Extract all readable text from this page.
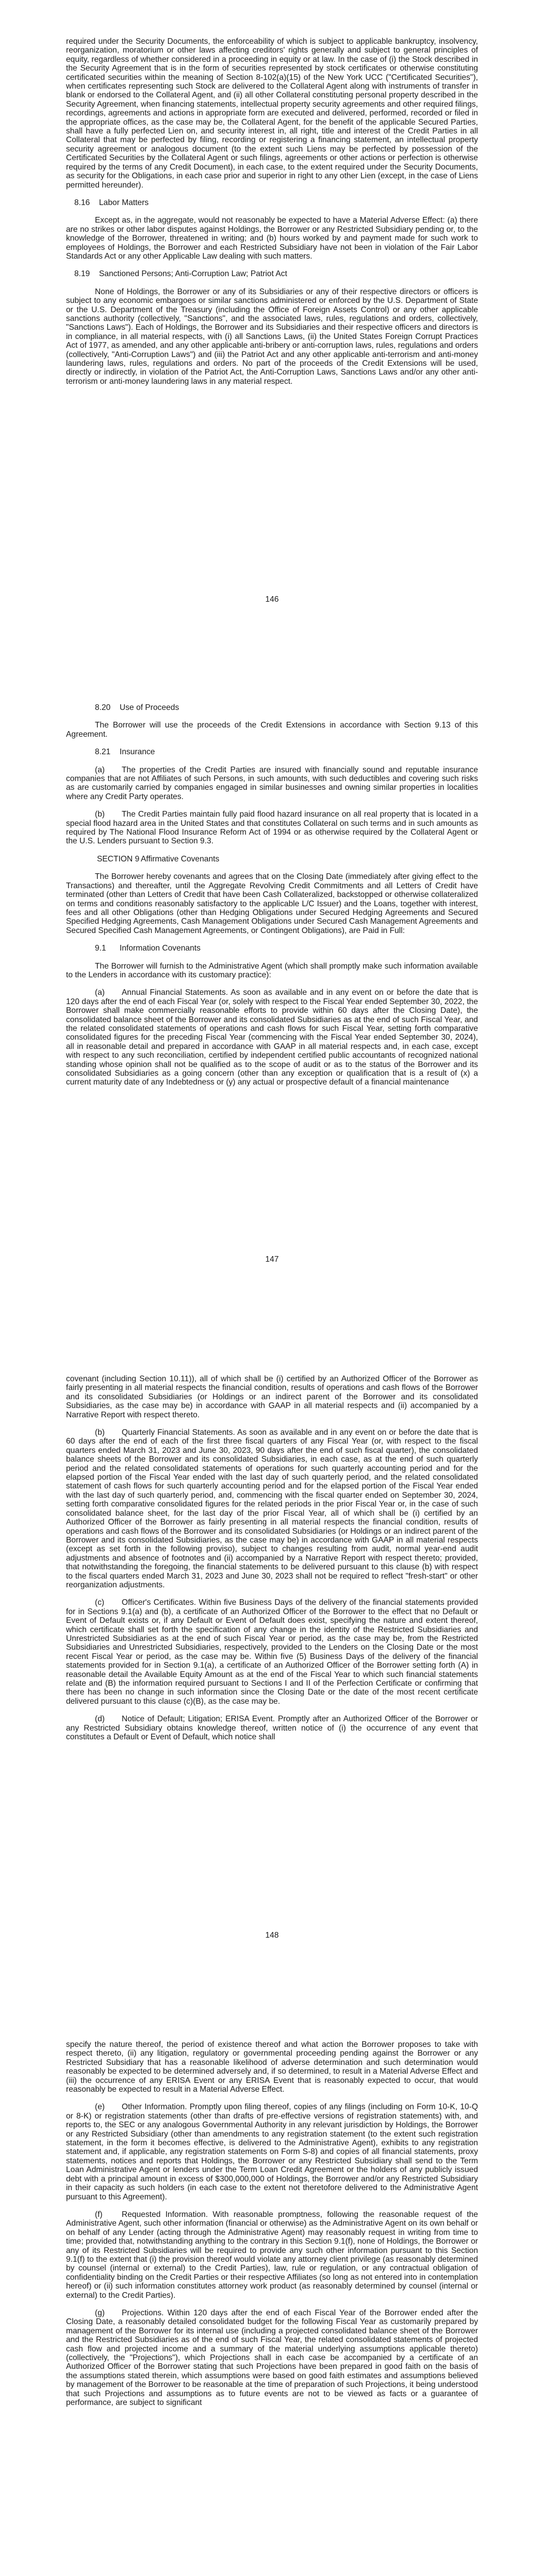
required under the Security Documents, the enforceability of which is subject to applicable bankruptcy, insolvency, reorganization, moratorium or other laws affecting creditors' rights generally and subject to general principles of equity, regardless of whether considered in a proceeding in equity or at law. In the case of (i) the Stock described in the Security Agreement that is in the form of securities represented by stock certificates or otherwise constituting certificated securities within the meaning of Section 8-102(a)(15) of the New York UCC ("Certificated Securities"), when certificates representing such Stock are delivered to the Collateral Agent along with instruments of transfer in blank or endorsed to the Collateral Agent, and (ii) all other Collateral constituting personal property described in the Security Agreement, when financing statements, intellectual property security agreements and other required filings, recordings, agreements and actions in appropriate form are executed and delivered, performed, recorded or filed in the appropriate offices, as the case may be, the Collateral Agent, for the benefit of the applicable Secured Parties, shall have a fully perfected Lien on, and security interest in, all right, title and interest of the Credit Parties in all Collateral that may be perfected by filing, recording or registering a financing statement, an intellectual property security agreement or analogous document (to the extent such Liens may be perfected by possession of the Certificated Securities by the Collateral Agent or such filings, agreements or other actions or perfection is otherwise required by the terms of any Credit Document), in each case, to the extent required under the Security Documents, as security for the Obligations, in each case prior and superior in right to any other Lien (except, in the case of Liens permitted hereunder).

8.16 Labor Matters

Except as, in the aggregate, would not reasonably be expected to have a Material Adverse Effect: (a) there are no strikes or other labor disputes against Holdings, the Borrower or any Restricted Subsidiary pending or, to the knowledge of the Borrower, threatened in writing; and (b) hours worked by and payment made for such work to employees of Holdings, the Borrower and each Restricted Subsidiary have not been in violation of the Fair Labor Standards Act or any other Applicable Law dealing with such matters.

8.19 Sanctioned Persons; Anti-Corruption Law; Patriot Act

None of Holdings, the Borrower or any of its Subsidiaries or any of their respective directors or officers is subject to any economic embargoes or similar sanctions administered or enforced by the U.S. Department of State or the U.S. Department of the Treasury (including the Office of Foreign Assets Control) or any other applicable sanctions authority (collectively, "Sanctions", and the associated laws, rules, regulations and orders, collectively, "Sanctions Laws"). Each of Holdings, the Borrower and its Subsidiaries and their respective officers and directors is in compliance, in all material respects, with (i) all Sanctions Laws, (ii) the United States Foreign Corrupt Practices Act of 1977, as amended, and any other applicable anti-bribery or anti-corruption laws, rules, regulations and orders (collectively, "Anti-Corruption Laws") and (iii) the Patriot Act and any other applicable anti-terrorism and anti-money laundering laws, rules, regulations and orders. No part of the proceeds of the Credit Extensions will be used, directly or indirectly, in violation of the Patriot Act, the Anti-Corruption Laws, Sanctions Laws and/or any other anti-terrorism or anti-money laundering laws in any material respect.

146
8.20 Use of Proceeds

The Borrower will use the proceeds of the Credit Extensions in accordance with Section 9.13 of this Agreement.

8.21 Insurance

(a) The properties of the Credit Parties are insured with financially sound and reputable insurance companies that are not Affiliates of such Persons, in such amounts, with such deductibles and covering such risks as are customarily carried by companies engaged in similar businesses and owning similar properties in localities where any Credit Party operates.

(b) The Credit Parties maintain fully paid flood hazard insurance on all real property that is located in a special flood hazard area in the United States and that constitutes Collateral on such terms and in such amounts as required by The National Flood Insurance Reform Act of 1994 or as otherwise required by the Collateral Agent or the U.S. Lenders pursuant to Section 9.3.

SECTION 9 Affirmative Covenants

The Borrower hereby covenants and agrees that on the Closing Date (immediately after giving effect to the Transactions) and thereafter, until the Aggregate Revolving Credit Commitments and all Letters of Credit have terminated (other than Letters of Credit that have been Cash Collateralized, backstopped or otherwise collateralized on terms and conditions reasonably satisfactory to the applicable L/C Issuer) and the Loans, together with interest, fees and all other Obligations (other than Hedging Obligations under Secured Hedging Agreements and Secured Specified Hedging Agreements, Cash Management Obligations under Secured Cash Management Agreements and Secured Specified Cash Management Agreements, or Contingent Obligations), are Paid in Full:

9.1 Information Covenants

The Borrower will furnish to the Administrative Agent (which shall promptly make such information available to the Lenders in accordance with its customary practice):

(a) Annual Financial Statements. As soon as available and in any event on or before the date that is 120 days after the end of each Fiscal Year (or, solely with respect to the Fiscal Year ended September 30, 2022, the Borrower shall make commercially reasonable efforts to provide within 60 days after the Closing Date), the consolidated balance sheet of the Borrower and its consolidated Subsidiaries as at the end of such Fiscal Year, and the related consolidated statements of operations and cash flows for such Fiscal Year, setting forth comparative consolidated figures for the preceding Fiscal Year (commencing with the Fiscal Year ended September 30, 2024), all in reasonable detail and prepared in accordance with GAAP in all material respects and, in each case, except with respect to any such reconciliation, certified by independent certified public accountants of recognized national standing whose opinion shall not be qualified as to the scope of audit or as to the status of the Borrower and its consolidated Subsidiaries as a going concern (other than any exception or qualification that is a result of (x) a current maturity date of any Indebtedness or (y) any actual or prospective default of a financial maintenance

147

covenant (including Section 10.11)), all of which shall be (i) certified by an Authorized Officer of the Borrower as fairly presenting in all material respects the financial condition, results of operations and cash flows of the Borrower and its consolidated Subsidiaries (or Holdings or an indirect parent of the Borrower and its consolidated Subsidiaries, as the case may be) in accordance with GAAP in all material respects and (ii) accompanied by a Narrative Report with respect thereto.

(b) Quarterly Financial Statements. As soon as available and in any event on or before the date that is 60 days after the end of each of the first three fiscal quarters of any Fiscal Year (or, with respect to the fiscal quarters ended March 31, 2023 and June 30, 2023, 90 days after the end of such fiscal quarter), the consolidated balance sheets of the Borrower and its consolidated Subsidiaries, in each case, as at the end of such quarterly period and the related consolidated statements of operations for such quarterly accounting period and for the elapsed portion of the Fiscal Year ended with the last day of such quarterly period, and the related consolidated statement of cash flows for such quarterly accounting period and for the elapsed portion of the Fiscal Year ended with the last day of such quarterly period, and, commencing with the fiscal quarter ended on September 30, 2024, setting forth comparative consolidated figures for the related periods in the prior Fiscal Year or, in the case of such consolidated balance sheet, for the last day of the prior Fiscal Year, all of which shall be (i) certified by an Authorized Officer of the Borrower as fairly presenting in all material respects the financial condition, results of operations and cash flows of the Borrower and its consolidated Subsidiaries (or Holdings or an indirect parent of the Borrower and its consolidated Subsidiaries, as the case may be) in accordance with GAAP in all material respects (except as set forth in the following proviso), subject to changes resulting from audit, normal year-end audit adjustments and absence of footnotes and (ii) accompanied by a Narrative Report with respect thereto; provided, that notwithstanding the foregoing, the financial statements to be delivered pursuant to this clause (b) with respect to the fiscal quarters ended March 31, 2023 and June 30, 2023 shall not be required to reflect "fresh-start" or other reorganization adjustments.

(c) Officer's Certificates. Within five Business Days of the delivery of the financial statements provided for in Sections 9.1(a) and (b), a certificate of an Authorized Officer of the Borrower to the effect that no Default or Event of Default exists or, if any Default or Event of Default does exist, specifying the nature and extent thereof, which certificate shall set forth the specification of any change in the identity of the Restricted Subsidiaries and Unrestricted Subsidiaries as at the end of such Fiscal Year or period, as the case may be, from the Restricted Subsidiaries and Unrestricted Subsidiaries, respectively, provided to the Lenders on the Closing Date or the most recent Fiscal Year or period, as the case may be. Within five (5) Business Days of the delivery of the financial statements provided for in Section 9.1(a), a certificate of an Authorized Officer of the Borrower setting forth (A) in reasonable detail the Available Equity Amount as at the end of the Fiscal Year to which such financial statements relate and (B) the information required pursuant to Sections I and II of the Perfection Certificate or confirming that there has been no change in such information since the Closing Date or the date of the most recent certificate delivered pursuant to this clause (c)(B), as the case may be.

(d) Notice of Default; Litigation; ERISA Event. Promptly after an Authorized Officer of the Borrower or any Restricted Subsidiary obtains knowledge thereof, written notice of (i) the occurrence of any event that constitutes a Default or Event of Default, which notice shall

148

specify the nature thereof, the period of existence thereof and what action the Borrower proposes to take with respect thereto, (ii) any litigation, regulatory or governmental proceeding pending against the Borrower or any Restricted Subsidiary that has a reasonable likelihood of adverse determination and such determination would reasonably be expected to be determined adversely and, if so determined, to result in a Material Adverse Effect and (iii) the occurrence of any ERISA Event or any ERISA Event that is reasonably expected to occur, that would reasonably be expected to result in a Material Adverse Effect.

(e) Other Information. Promptly upon filing thereof, copies of any filings (including on Form 10-K, 10-Q or 8-K) or registration statements (other than drafts of pre-effective versions of registration statements) with, and reports to, the SEC or any analogous Governmental Authority in any relevant jurisdiction by Holdings, the Borrower or any Restricted Subsidiary (other than amendments to any registration statement (to the extent such registration statement, in the form it becomes effective, is delivered to the Administrative Agent), exhibits to any registration statement and, if applicable, any registration statements on Form S-8) and copies of all financial statements, proxy statements, notices and reports that Holdings, the Borrower or any Restricted Subsidiary shall send to the Term Loan Administrative Agent or lenders under the Term Loan Credit Agreement or the holders of any publicly issued debt with a principal amount in excess of $300,000,000 of Holdings, the Borrower and/or any Restricted Subsidiary in their capacity as such holders (in each case to the extent not theretofore delivered to the Administrative Agent pursuant to this Agreement).

(f) Requested Information. With reasonable promptness, following the reasonable request of the Administrative Agent, such other information (financial or otherwise) as the Administrative Agent on its own behalf or on behalf of any Lender (acting through the Administrative Agent) may reasonably request in writing from time to time; provided that, notwithstanding anything to the contrary in this Section 9.1(f), none of Holdings, the Borrower or any of its Restricted Subsidiaries will be required to provide any such other information pursuant to this Section 9.1(f) to the extent that (i) the provision thereof would violate any attorney client privilege (as reasonably determined by counsel (internal or external) to the Credit Parties), law, rule or regulation, or any contractual obligation of confidentiality binding on the Credit Parties or their respective Affiliates (so long as not entered into in contemplation hereof) or (ii) such information constitutes attorney work product (as reasonably determined by counsel (internal or external) to the Credit Parties).

(g) Projections. Within 120 days after the end of each Fiscal Year of the Borrower ended after the Closing Date, a reasonably detailed consolidated budget for the following Fiscal Year as customarily prepared by management of the Borrower for its internal use (including a projected consolidated balance sheet of the Borrower and the Restricted Subsidiaries as of the end of such Fiscal Year, the related consolidated statements of projected cash flow and projected income and a summary of the material underlying assumptions applicable thereto) (collectively, the "Projections"), which Projections shall in each case be accompanied by a certificate of an Authorized Officer of the Borrower stating that such Projections have been prepared in good faith on the basis of the assumptions stated therein, which assumptions were based on good faith estimates and assumptions believed by management of the Borrower to be reasonable at the time of preparation of such Projections, it being understood that such Projections and assumptions as to future events are not to be viewed as facts or a guarantee of performance, are subject to significant
